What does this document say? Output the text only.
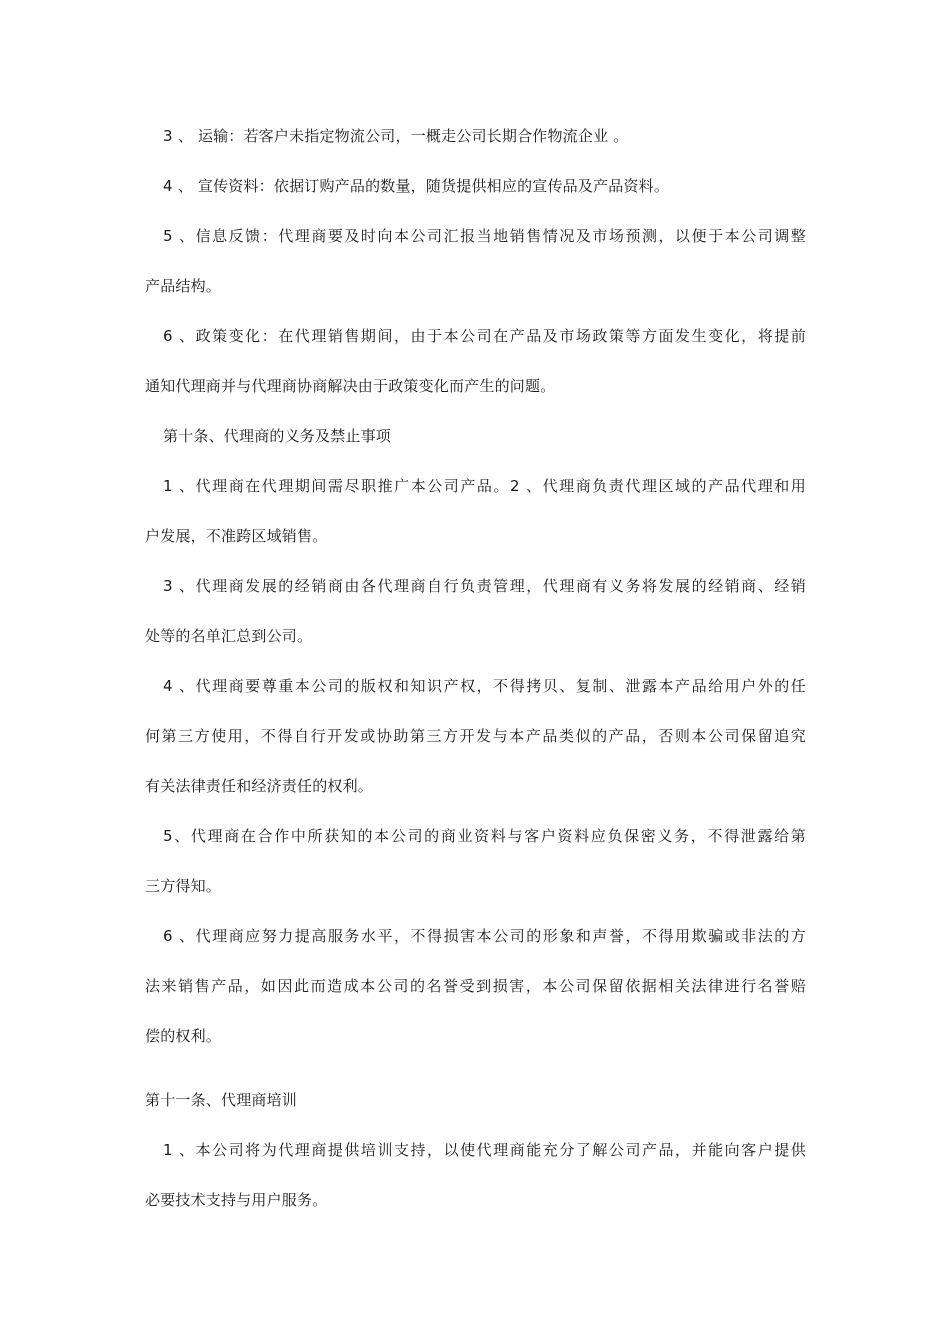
3 、 运输：若客户未指定物流公司，一概走公司长期合作物流企业 。
4 、 宣传资料：依据订购产品的数量，随货提供相应的宣传品及产品资料。
5 、信息反馈：代理商要及时向本公司汇报当地销售情况及市场预测，以便于本公司调整
产品结构。
6 、政策变化：在代理销售期间，由于本公司在产品及市场政策等方面发生变化，将提前
通知代理商并与代理商协商解决由于政策变化而产生的问题。
第十条、代理商的义务及禁止事项
1 、代理商在代理期间需尽职推广本公司产品。2 、代理商负责代理区域的产品代理和用
户发展，不准跨区域销售。
3 、代理商发展的经销商由各代理商自行负责管理，代理商有义务将发展的经销商、经销
处等的名单汇总到公司。
4 、代理商要尊重本公司的版权和知识产权，不得拷贝、复制、泄露本产品给用户外的任
何第三方使用，不得自行开发或协助第三方开发与本产品类似的产品，否则本公司保留追究
有关法律责任和经济责任的权利。
5、代理商在合作中所获知的本公司的商业资料与客户资料应负保密义务，不得泄露给第
三方得知。
6 、代理商应努力提高服务水平，不得损害本公司的形象和声誉，不得用欺骗或非法的方
法来销售产品，如因此而造成本公司的名誉受到损害，本公司保留依据相关法律进行名誉赔
偿的权利。
第十一条、代理商培训
1 、本公司将为代理商提供培训支持，以使代理商能充分了解公司产品，并能向客户提供
必要技术支持与用户服务。
